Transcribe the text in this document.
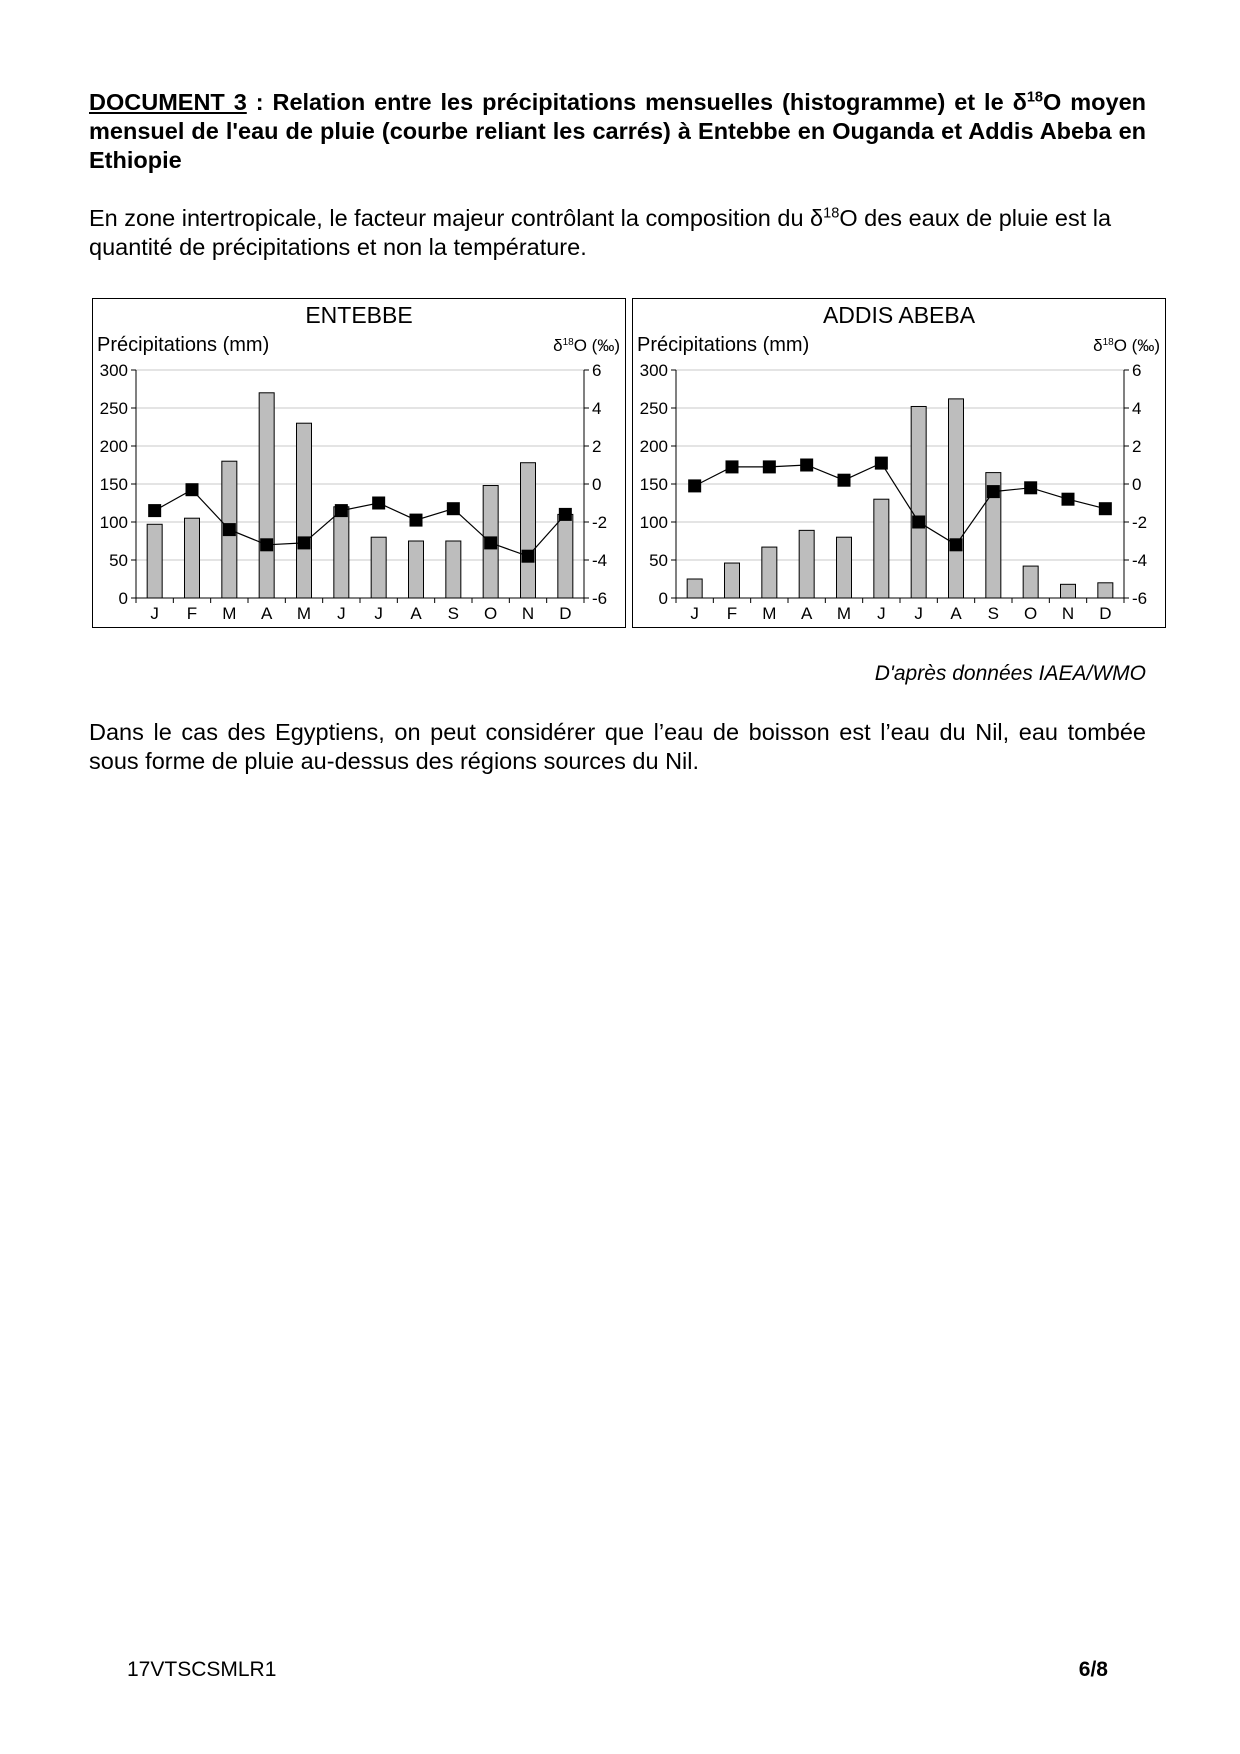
DOCUMENT 3 : Relation entre les précipitations mensuelles (histogramme) et le $\delta^{18}O$ moyen mensuel de l'eau de pluie (courbe reliant les carrés) à Entebbe en Ouganda et Addis Abeba en Ethiopie

En zone intertropicale, le facteur majeur contrôlant la composition du $\delta^{18}O$ des eaux de pluie est la quantité de précipitations et non la température.

ENTEBBE
Précipitations (mm)	$\delta^{18}O$ (‰)
0
50
100
150
200
250
300
-6
-4
-2
0
2
4
6
J F M A M J J A S O N D
ADDIS ABEBA
Précipitations (mm)	$\delta^{18}O$ (‰)
0
50
100
150
200
250
300
-6
-4
-2
0
2
4
6
J F M A M J J A S O N D

D'après données IAEA/WMO

Dans le cas des Egyptiens, on peut considérer que l’eau de boisson est l’eau du Nil, eau tombée sous forme de pluie au-dessus des régions sources du Nil.

17VTSCSMLR1	6/8
